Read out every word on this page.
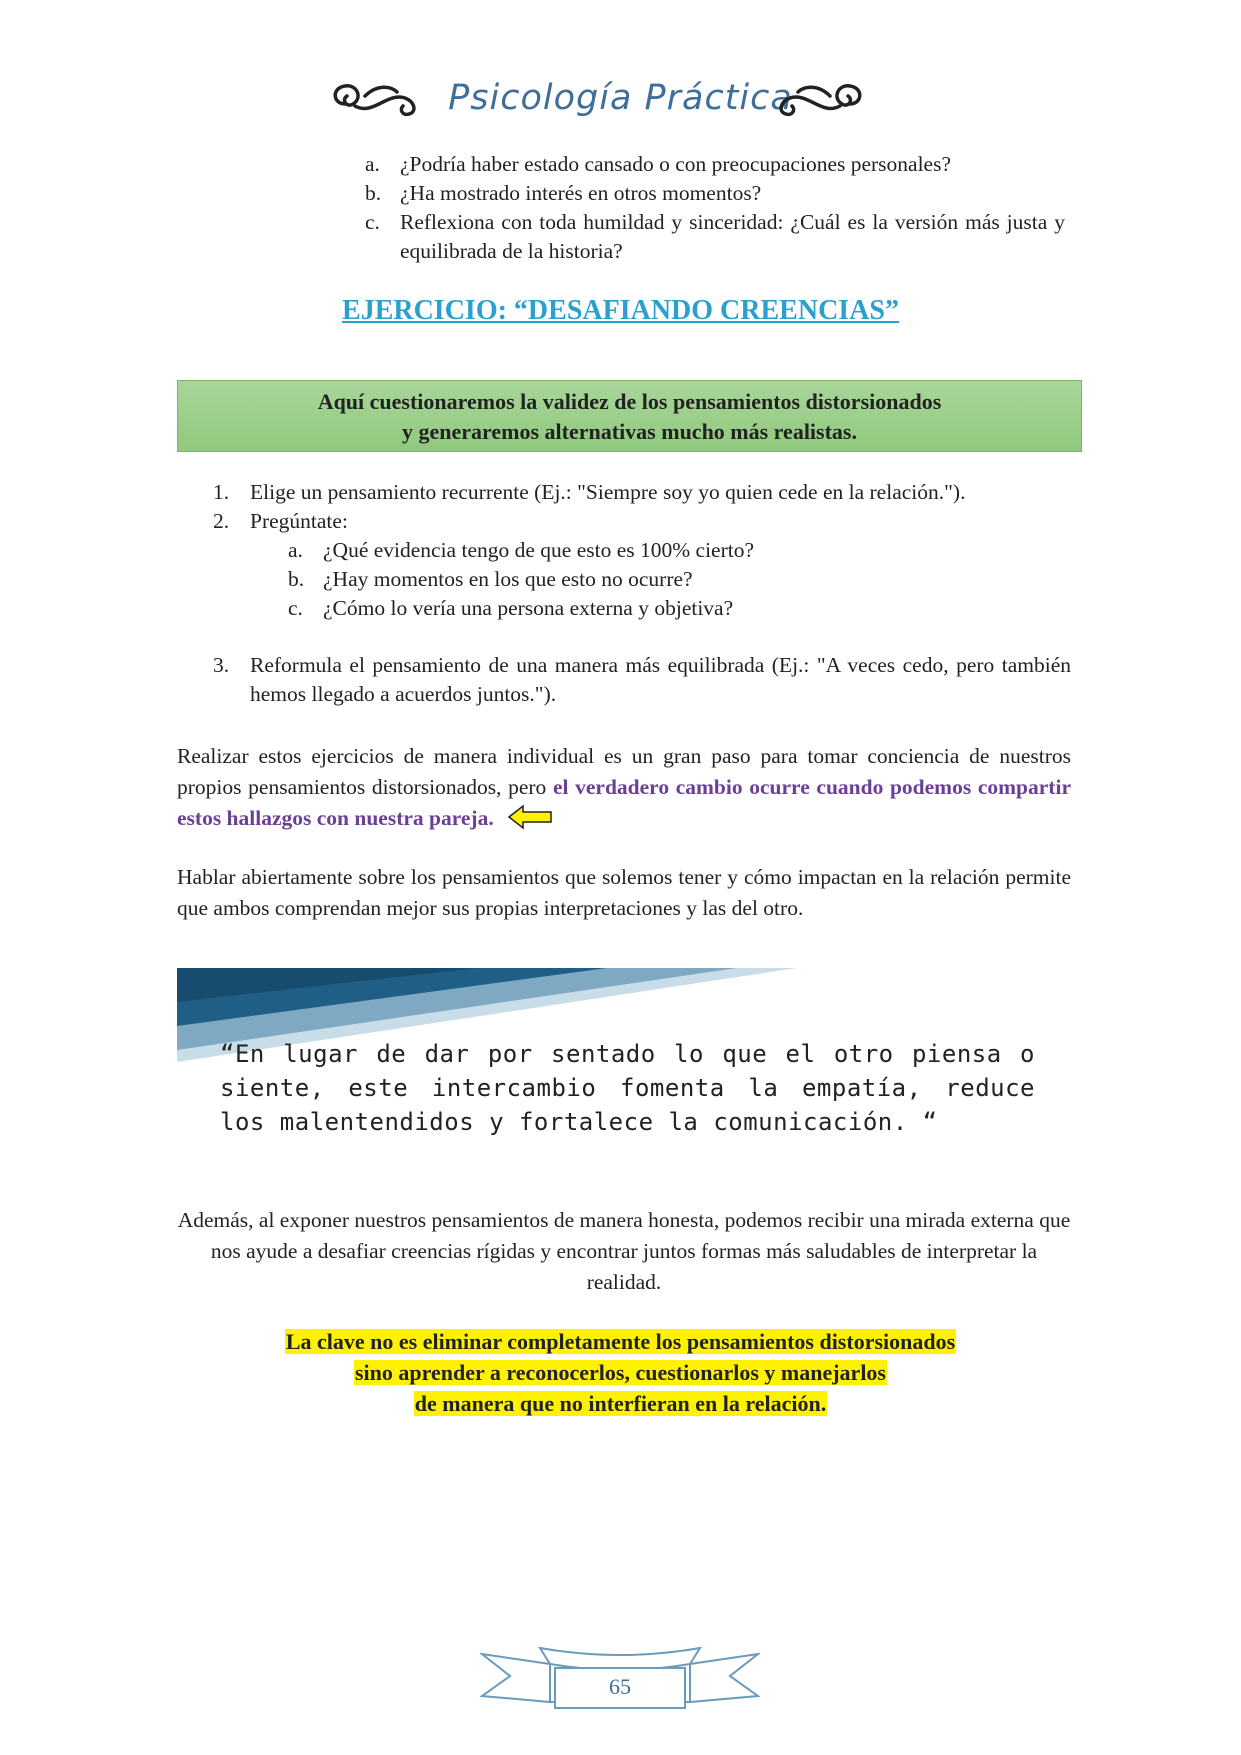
Psicología Práctica
a. ¿Podría haber estado cansado o con preocupaciones personales?
b. ¿Ha mostrado interés en otros momentos?
c. Reflexiona con toda humildad y sinceridad: ¿Cuál es la versión más justa y equilibrada de la historia?
EJERCICIO: “DESAFIANDO CREENCIAS”
Aquí cuestionaremos la validez de los pensamientos distorsionados
y generaremos alternativas mucho más realistas.
1. Elige un pensamiento recurrente (Ej.: "Siempre soy yo quien cede en la relación.").
2. Pregúntate:
a. ¿Qué evidencia tengo de que esto es 100% cierto?
b. ¿Hay momentos en los que esto no ocurre?
c. ¿Cómo lo vería una persona externa y objetiva?
3. Reformula el pensamiento de una manera más equilibrada (Ej.: "A veces cedo, pero también hemos llegado a acuerdos juntos.").
Realizar estos ejercicios de manera individual es un gran paso para tomar conciencia de nuestros propios pensamientos distorsionados, pero el verdadero cambio ocurre cuando podemos compartir estos hallazgos con nuestra pareja.
Hablar abiertamente sobre los pensamientos que solemos tener y cómo impactan en la relación permite que ambos comprendan mejor sus propias interpretaciones y las del otro.
“En lugar de dar por sentado lo que el otro piensa o siente, este intercambio fomenta la empatía, reduce los malentendidos y fortalece la comunicación. “
Además, al exponer nuestros pensamientos de manera honesta, podemos recibir una mirada externa que nos ayude a desafiar creencias rígidas y encontrar juntos formas más saludables de interpretar la realidad.
La clave no es eliminar completamente los pensamientos distorsionados
sino aprender a reconocerlos, cuestionarlos y manejarlos
de manera que no interfieran en la relación.
65
